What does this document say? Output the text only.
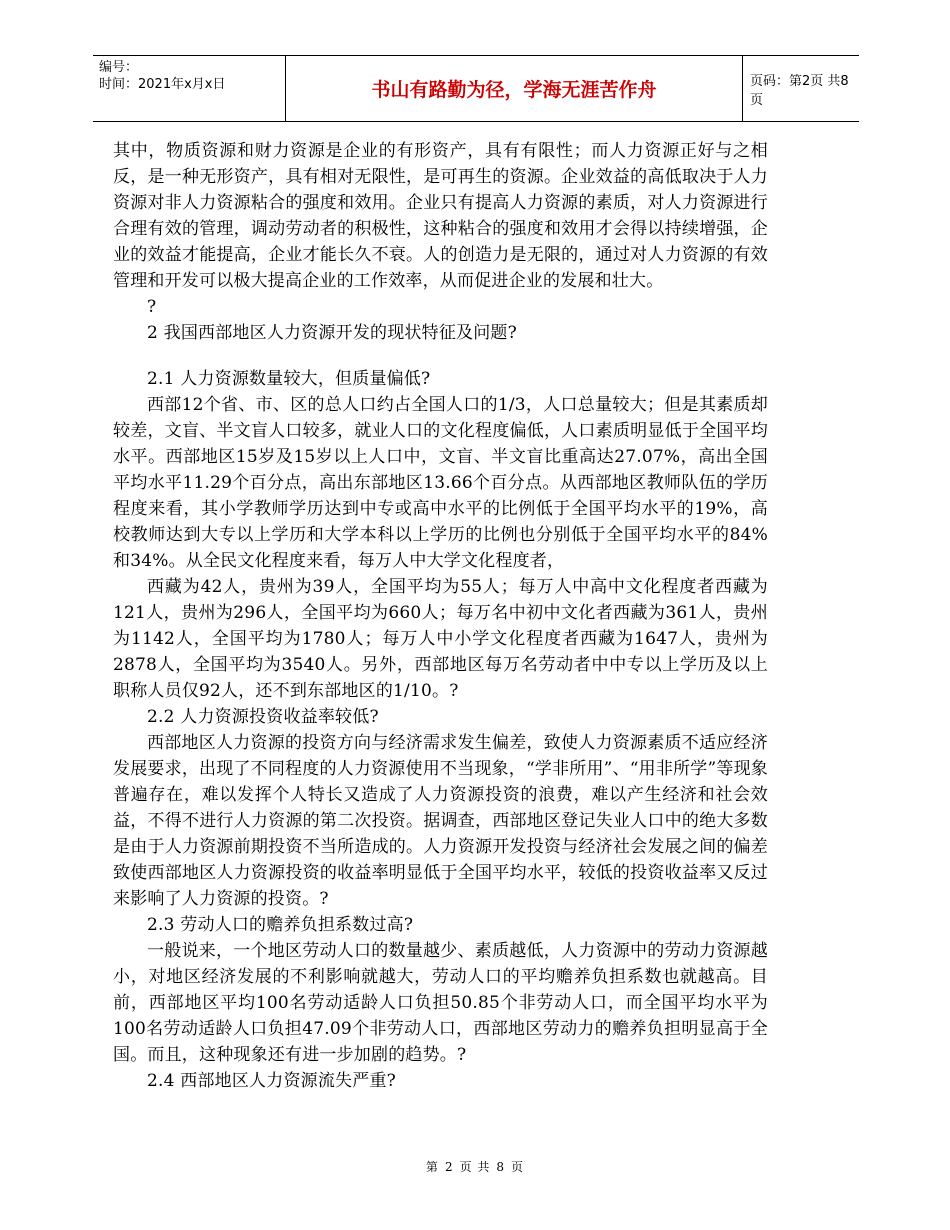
编号：
时间：2021年x月x日	书山有路勤为径，学海无涯苦作舟	页码：第2页 共8页

其中，物质资源和财力资源是企业的有形资产，具有有限性；而人力资源正好与之相反，是一种无形资产，具有相对无限性，是可再生的资源。企业效益的高低取决于人力资源对非人力资源粘合的强度和效用。企业只有提高人力资源的素质，对人力资源进行合理有效的管理，调动劳动者的积极性，这种粘合的强度和效用才会得以持续增强，企业的效益才能提高，企业才能长久不衰。人的创造力是无限的，通过对人力资源的有效管理和开发可以极大提高企业的工作效率，从而促进企业的发展和壮大。

?

2 我国西部地区人力资源开发的现状特征及问题?

2.1 人力资源数量较大，但质量偏低?

西部12个省、市、区的总人口约占全国人口的1/3，人口总量较大；但是其素质却较差，文盲、半文盲人口较多，就业人口的文化程度偏低，人口素质明显低于全国平均水平。西部地区15岁及15岁以上人口中，文盲、半文盲比重高达27.07%，高出全国平均水平11.29个百分点，高出东部地区13.66个百分点。从西部地区教师队伍的学历程度来看，其小学教师学历达到中专或高中水平的比例低于全国平均水平的19%，高校教师达到大专以上学历和大学本科以上学历的比例也分别低于全国平均水平的84%和34%。从全民文化程度来看，每万人中大学文化程度者，

西藏为42人，贵州为39人，全国平均为55人；每万人中高中文化程度者西藏为121人，贵州为296人，全国平均为660人；每万名中初中文化者西藏为361人，贵州为1142人，全国平均为1780人；每万人中小学文化程度者西藏为1647人，贵州为2878人，全国平均为3540人。另外，西部地区每万名劳动者中中专以上学历及以上职称人员仅92人，还不到东部地区的1/10。?

2.2 人力资源投资收益率较低?

西部地区人力资源的投资方向与经济需求发生偏差，致使人力资源素质不适应经济发展要求，出现了不同程度的人力资源使用不当现象，“学非所用”、“用非所学”等现象普遍存在，难以发挥个人特长又造成了人力资源投资的浪费，难以产生经济和社会效益，不得不进行人力资源的第二次投资。据调查，西部地区登记失业人口中的绝大多数是由于人力资源前期投资不当所造成的。人力资源开发投资与经济社会发展之间的偏差致使西部地区人力资源投资的收益率明显低于全国平均水平，较低的投资收益率又反过来影响了人力资源的投资。?

2.3 劳动人口的赡养负担系数过高?

一般说来，一个地区劳动人口的数量越少、素质越低，人力资源中的劳动力资源越小，对地区经济发展的不利影响就越大，劳动人口的平均赡养负担系数也就越高。目前，西部地区平均100名劳动适龄人口负担50.85个非劳动人口，而全国平均水平为100名劳动适龄人口负担47.09个非劳动人口，西部地区劳动力的赡养负担明显高于全国。而且，这种现象还有进一步加剧的趋势。?

2.4 西部地区人力资源流失严重?

第 2 页 共 8 页
